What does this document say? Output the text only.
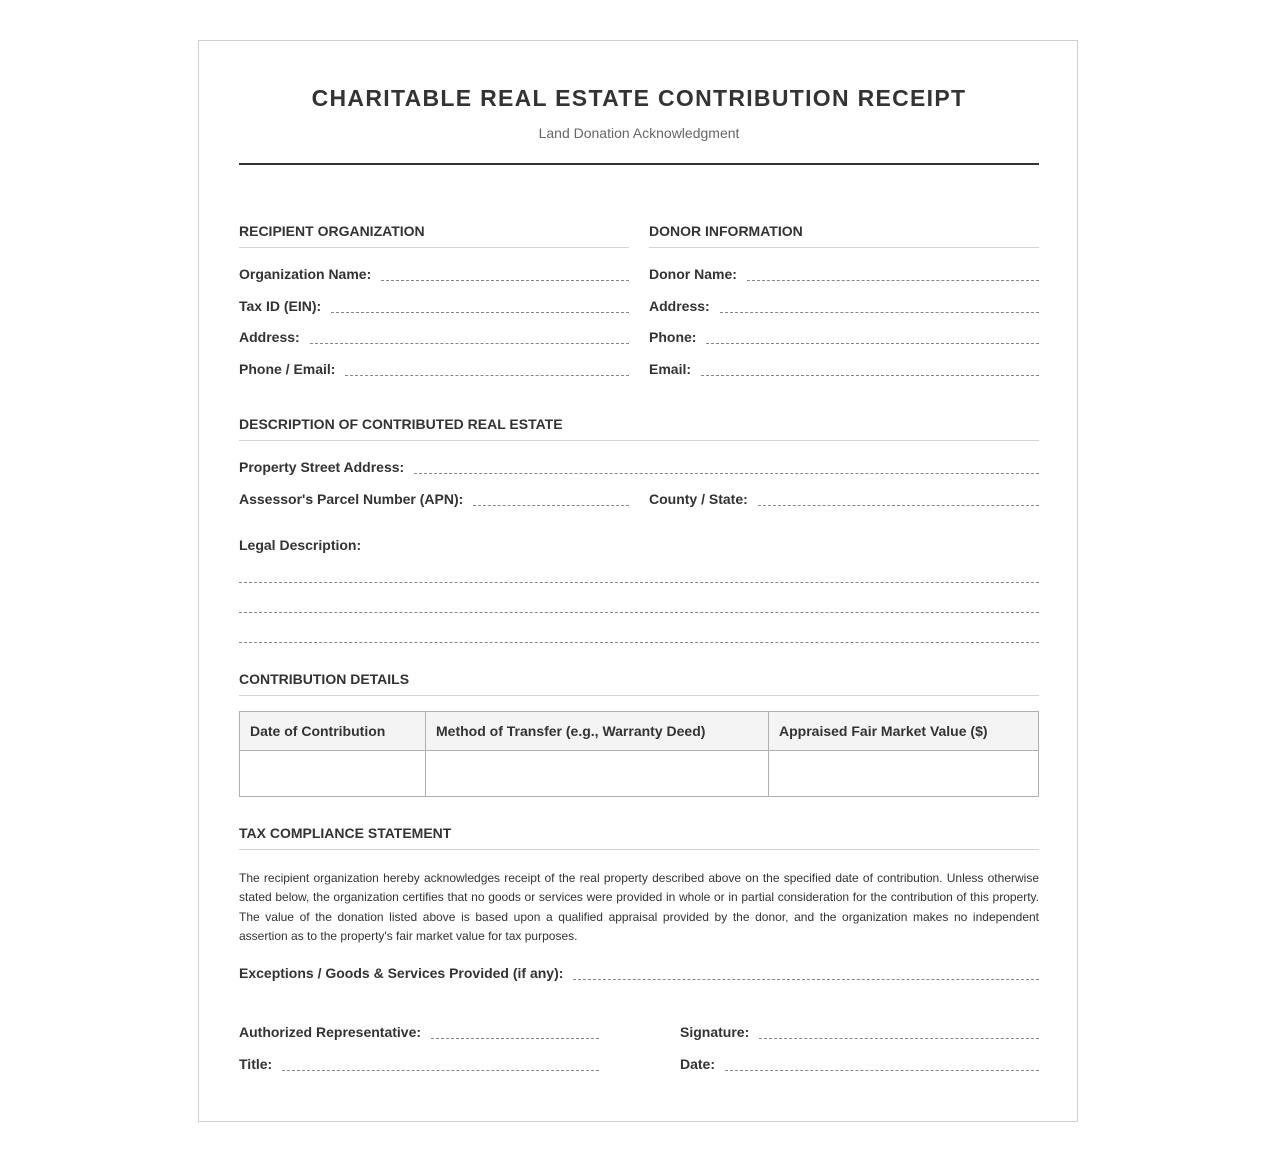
CHARITABLE REAL ESTATE CONTRIBUTION RECEIPT
Land Donation Acknowledgment
RECIPIENT ORGANIZATION
Organization Name:
Tax ID (EIN):
Address:
Phone / Email:
DONOR INFORMATION
Donor Name:
Address:
Phone:
Email:
DESCRIPTION OF CONTRIBUTED REAL ESTATE
Property Street Address:
Assessor's Parcel Number (APN):	County / State:
Legal Description:
CONTRIBUTION DETAILS
Date of Contribution	Method of Transfer (e.g., Warranty Deed)	Appraised Fair Market Value ($)

TAX COMPLIANCE STATEMENT
The recipient organization hereby acknowledges receipt of the real property described above on the specified date of contribution. Unless otherwise stated below, the organization certifies that no goods or services were provided in whole or in partial consideration for the contribution of this property. The value of the donation listed above is based upon a qualified appraisal provided by the donor, and the organization makes no independent assertion as to the property's fair market value for tax purposes.
Exceptions / Goods & Services Provided (if any):
Authorized Representative:	Signature:
Title:	Date:
